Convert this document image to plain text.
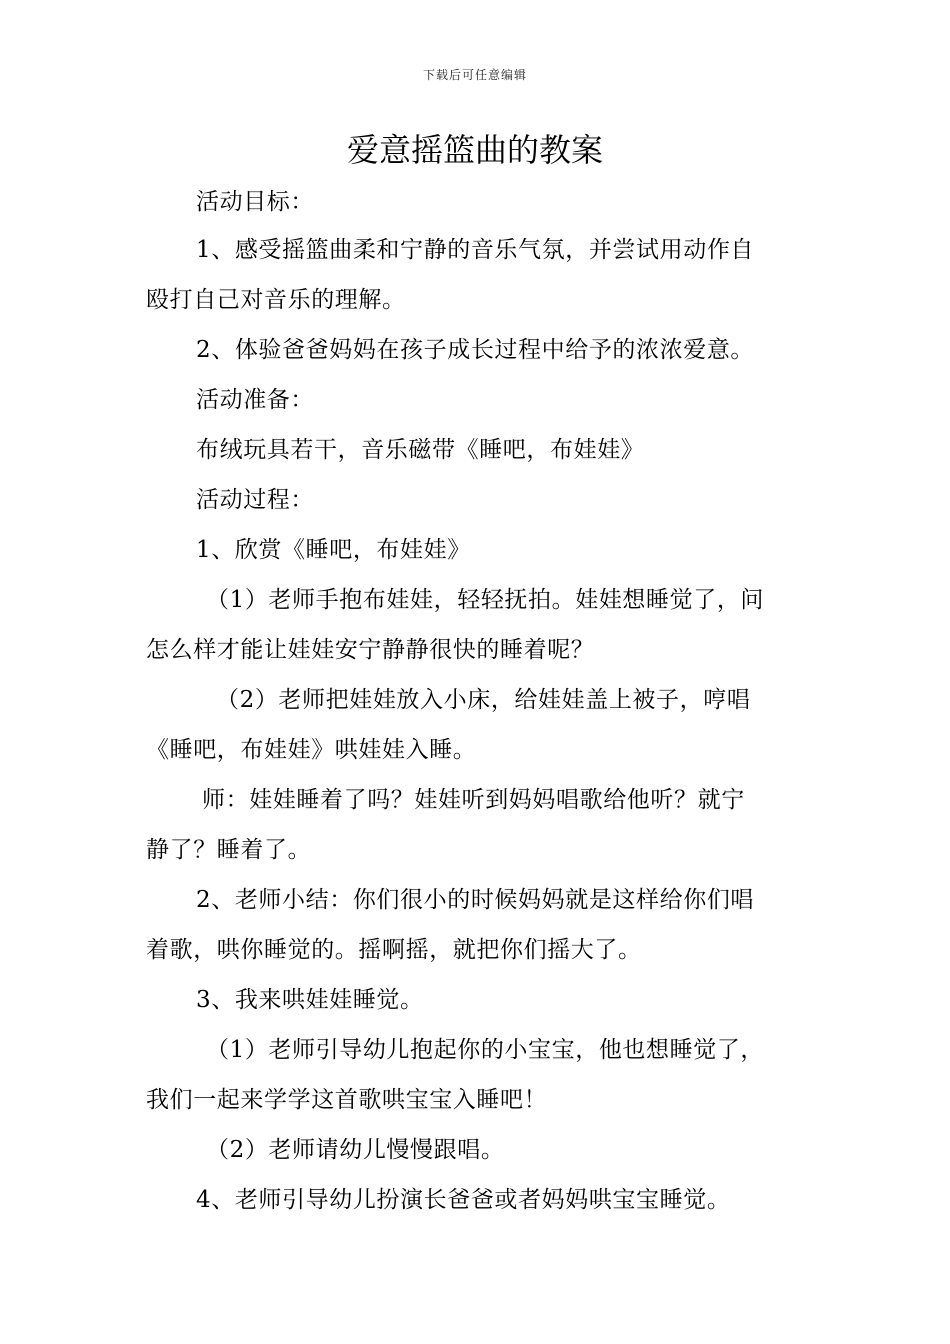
下载后可任意编辑
爱意摇篮曲的教案
活动目标：
1、感受摇篮曲柔和宁静的音乐气氛，并尝试用动作自
殴打自己对音乐的理解。
2、体验爸爸妈妈在孩子成长过程中给予的浓浓爱意。
活动准备：
布绒玩具若干，音乐磁带《睡吧，布娃娃》
活动过程：
1、欣赏《睡吧，布娃娃》
（1）老师手抱布娃娃，轻轻抚拍。娃娃想睡觉了，问
怎么样才能让娃娃安宁静静很快的睡着呢？
（2）老师把娃娃放入小床，给娃娃盖上被子，哼唱
《睡吧，布娃娃》哄娃娃入睡。
师：娃娃睡着了吗？娃娃听到妈妈唱歌给他听？就宁
静了？睡着了。
2、老师小结：你们很小的时候妈妈就是这样给你们唱
着歌，哄你睡觉的。摇啊摇，就把你们摇大了。
3、我来哄娃娃睡觉。
（1）老师引导幼儿抱起你的小宝宝，他也想睡觉了，
我们一起来学学这首歌哄宝宝入睡吧！
（2）老师请幼儿慢慢跟唱。
4、老师引导幼儿扮演长爸爸或者妈妈哄宝宝睡觉。
